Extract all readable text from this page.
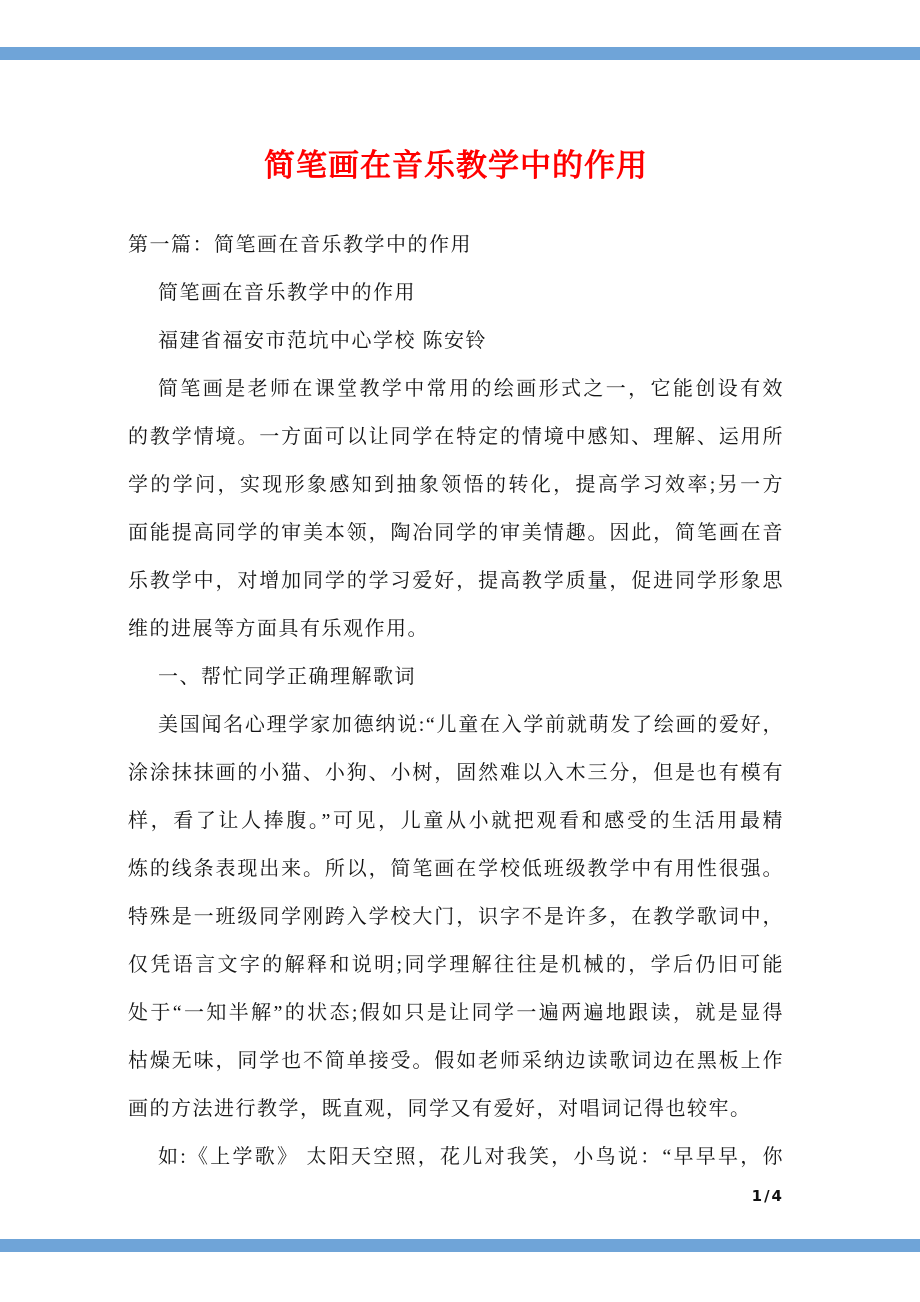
简笔画在音乐教学中的作用
第一篇：简笔画在音乐教学中的作用
简笔画在音乐教学中的作用
福建省福安市范坑中心学校 陈安铃
简笔画是老师在课堂教学中常用的绘画形式之一，它能创设有效
的教学情境。一方面可以让同学在特定的情境中感知、理解、运用所
学的学问，实现形象感知到抽象领悟的转化，提高学习效率;另一方
面能提高同学的审美本领，陶冶同学的审美情趣。因此，简笔画在音
乐教学中，对增加同学的学习爱好，提高教学质量，促进同学形象思
维的进展等方面具有乐观作用。
一、帮忙同学正确理解歌词
美国闻名心理学家加德纳说:“儿童在入学前就萌发了绘画的爱好，
涂涂抹抹画的小猫、小狗、小树，固然难以入木三分，但是也有模有
样，看了让人捧腹。”可见，儿童从小就把观看和感受的生活用最精
炼的线条表现出来。所以，简笔画在学校低班级教学中有用性很强。
特殊是一班级同学刚跨入学校大门，识字不是许多，在教学歌词中，
仅凭语言文字的解释和说明;同学理解往往是机械的，学后仍旧可能
处于“一知半解”的状态;假如只是让同学一遍两遍地跟读，就是显得
枯燥无味，同学也不简单接受。假如老师采纳边读歌词边在黑板上作
画的方法进行教学，既直观，同学又有爱好，对唱词记得也较牢。
如:《上学歌》 太阳天空照，花儿对我笑，小鸟说：“早早早，你
1/4
